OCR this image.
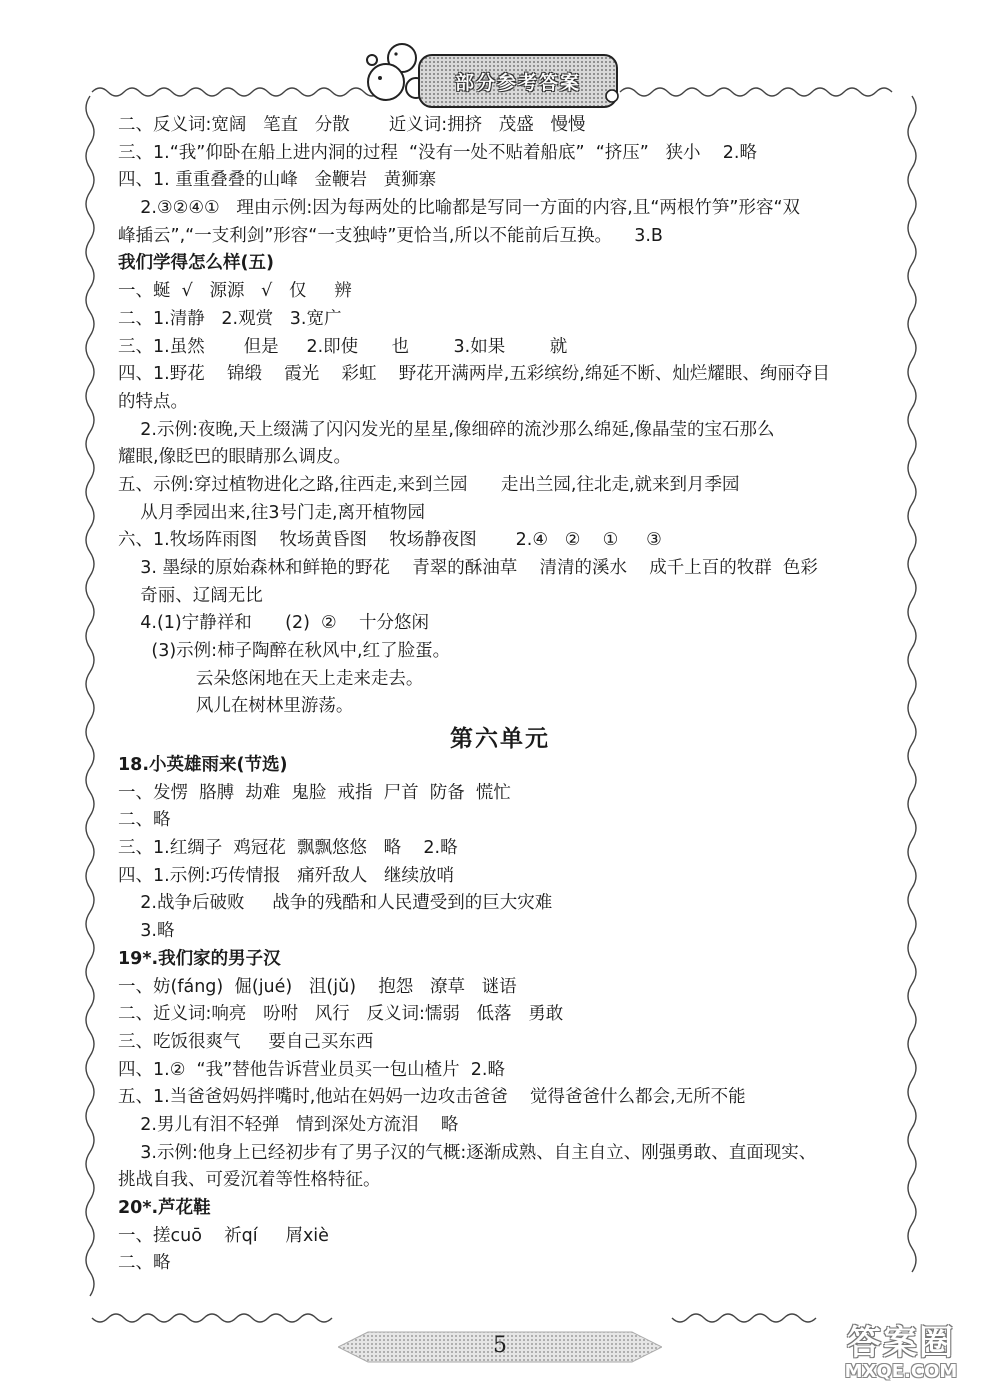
部分参考答案
二、反义词:宽阔   笔直   分散       近义词:拥挤   茂盛   慢慢
三、1.“我”仰卧在船上进内洞的过程  “没有一处不贴着船底”  “挤压”   狭小    2.略
四、1. 重重叠叠的山峰   金鞭岩   黄狮寨
2.③②④①   理由示例:因为每两处的比喻都是写同一方面的内容,且“两根竹笋”形容“双
峰插云”,“一支利剑”形容“一支独峙”更恰当,所以不能前后互换。    3.B
我们学得怎么样(五)
一、蜒  √   源源   √   仅     辨
二、1.清静   2.观赏   3.宽广
三、1.虽然       但是     2.即使      也        3.如果        就
四、1.野花    锦缎    霞光    彩虹    野花开满两岸,五彩缤纷,绵延不断、灿烂耀眼、绚丽夺目
的特点。
2.示例:夜晚,天上缀满了闪闪发光的星星,像细碎的流沙那么绵延,像晶莹的宝石那么
耀眼,像眨巴的眼睛那么调皮。
五、示例:穿过植物进化之路,往西走,来到兰园      走出兰园,往北走,就来到月季园
从月季园出来,往3号门走,离开植物园
六、1.牧场阵雨图    牧场黄昏图    牧场静夜图       2.④   ②    ①     ③
3. 墨绿的原始森林和鲜艳的野花    青翠的酥油草    清清的溪水    成千上百的牧群  色彩
奇丽、辽阔无比
4.(1)宁静祥和      (2)  ②    十分悠闲
(3)示例:柿子陶醉在秋风中,红了脸蛋。
云朵悠闲地在天上走来走去。
风儿在树林里游荡。
第六单元
18.小英雄雨来(节选)
一、发愣  胳膊  劫难  鬼脸  戒指  尸首  防备  慌忙
二、略
三、1.红绸子  鸡冠花  飘飘悠悠   略    2.略
四、1.示例:巧传情报   痛歼敌人   继续放哨
2.战争后破败     战争的残酷和人民遭受到的巨大灾难
3.略
19*.我们家的男子汉
一、妨(fáng)  倔(jué)   沮(jǔ)    抱怨   潦草   谜语
二、近义词:响亮   吩咐   风行   反义词:懦弱   低落   勇敢
三、吃饭很爽气     要自己买东西
四、1.②  “我”替他告诉营业员买一包山楂片  2.略
五、1.当爸爸妈妈拌嘴时,他站在妈妈一边攻击爸爸    觉得爸爸什么都会,无所不能
2.男儿有泪不轻弹   情到深处方流泪    略
3.示例:他身上已经初步有了男子汉的气概:逐渐成熟、自主自立、刚强勇敢、直面现实、
挑战自我、可爱沉着等性格特征。
20*.芦花鞋
一、搓cuō    祈qí     屑xiè
二、略
5	答案圈
MXQE.COM
